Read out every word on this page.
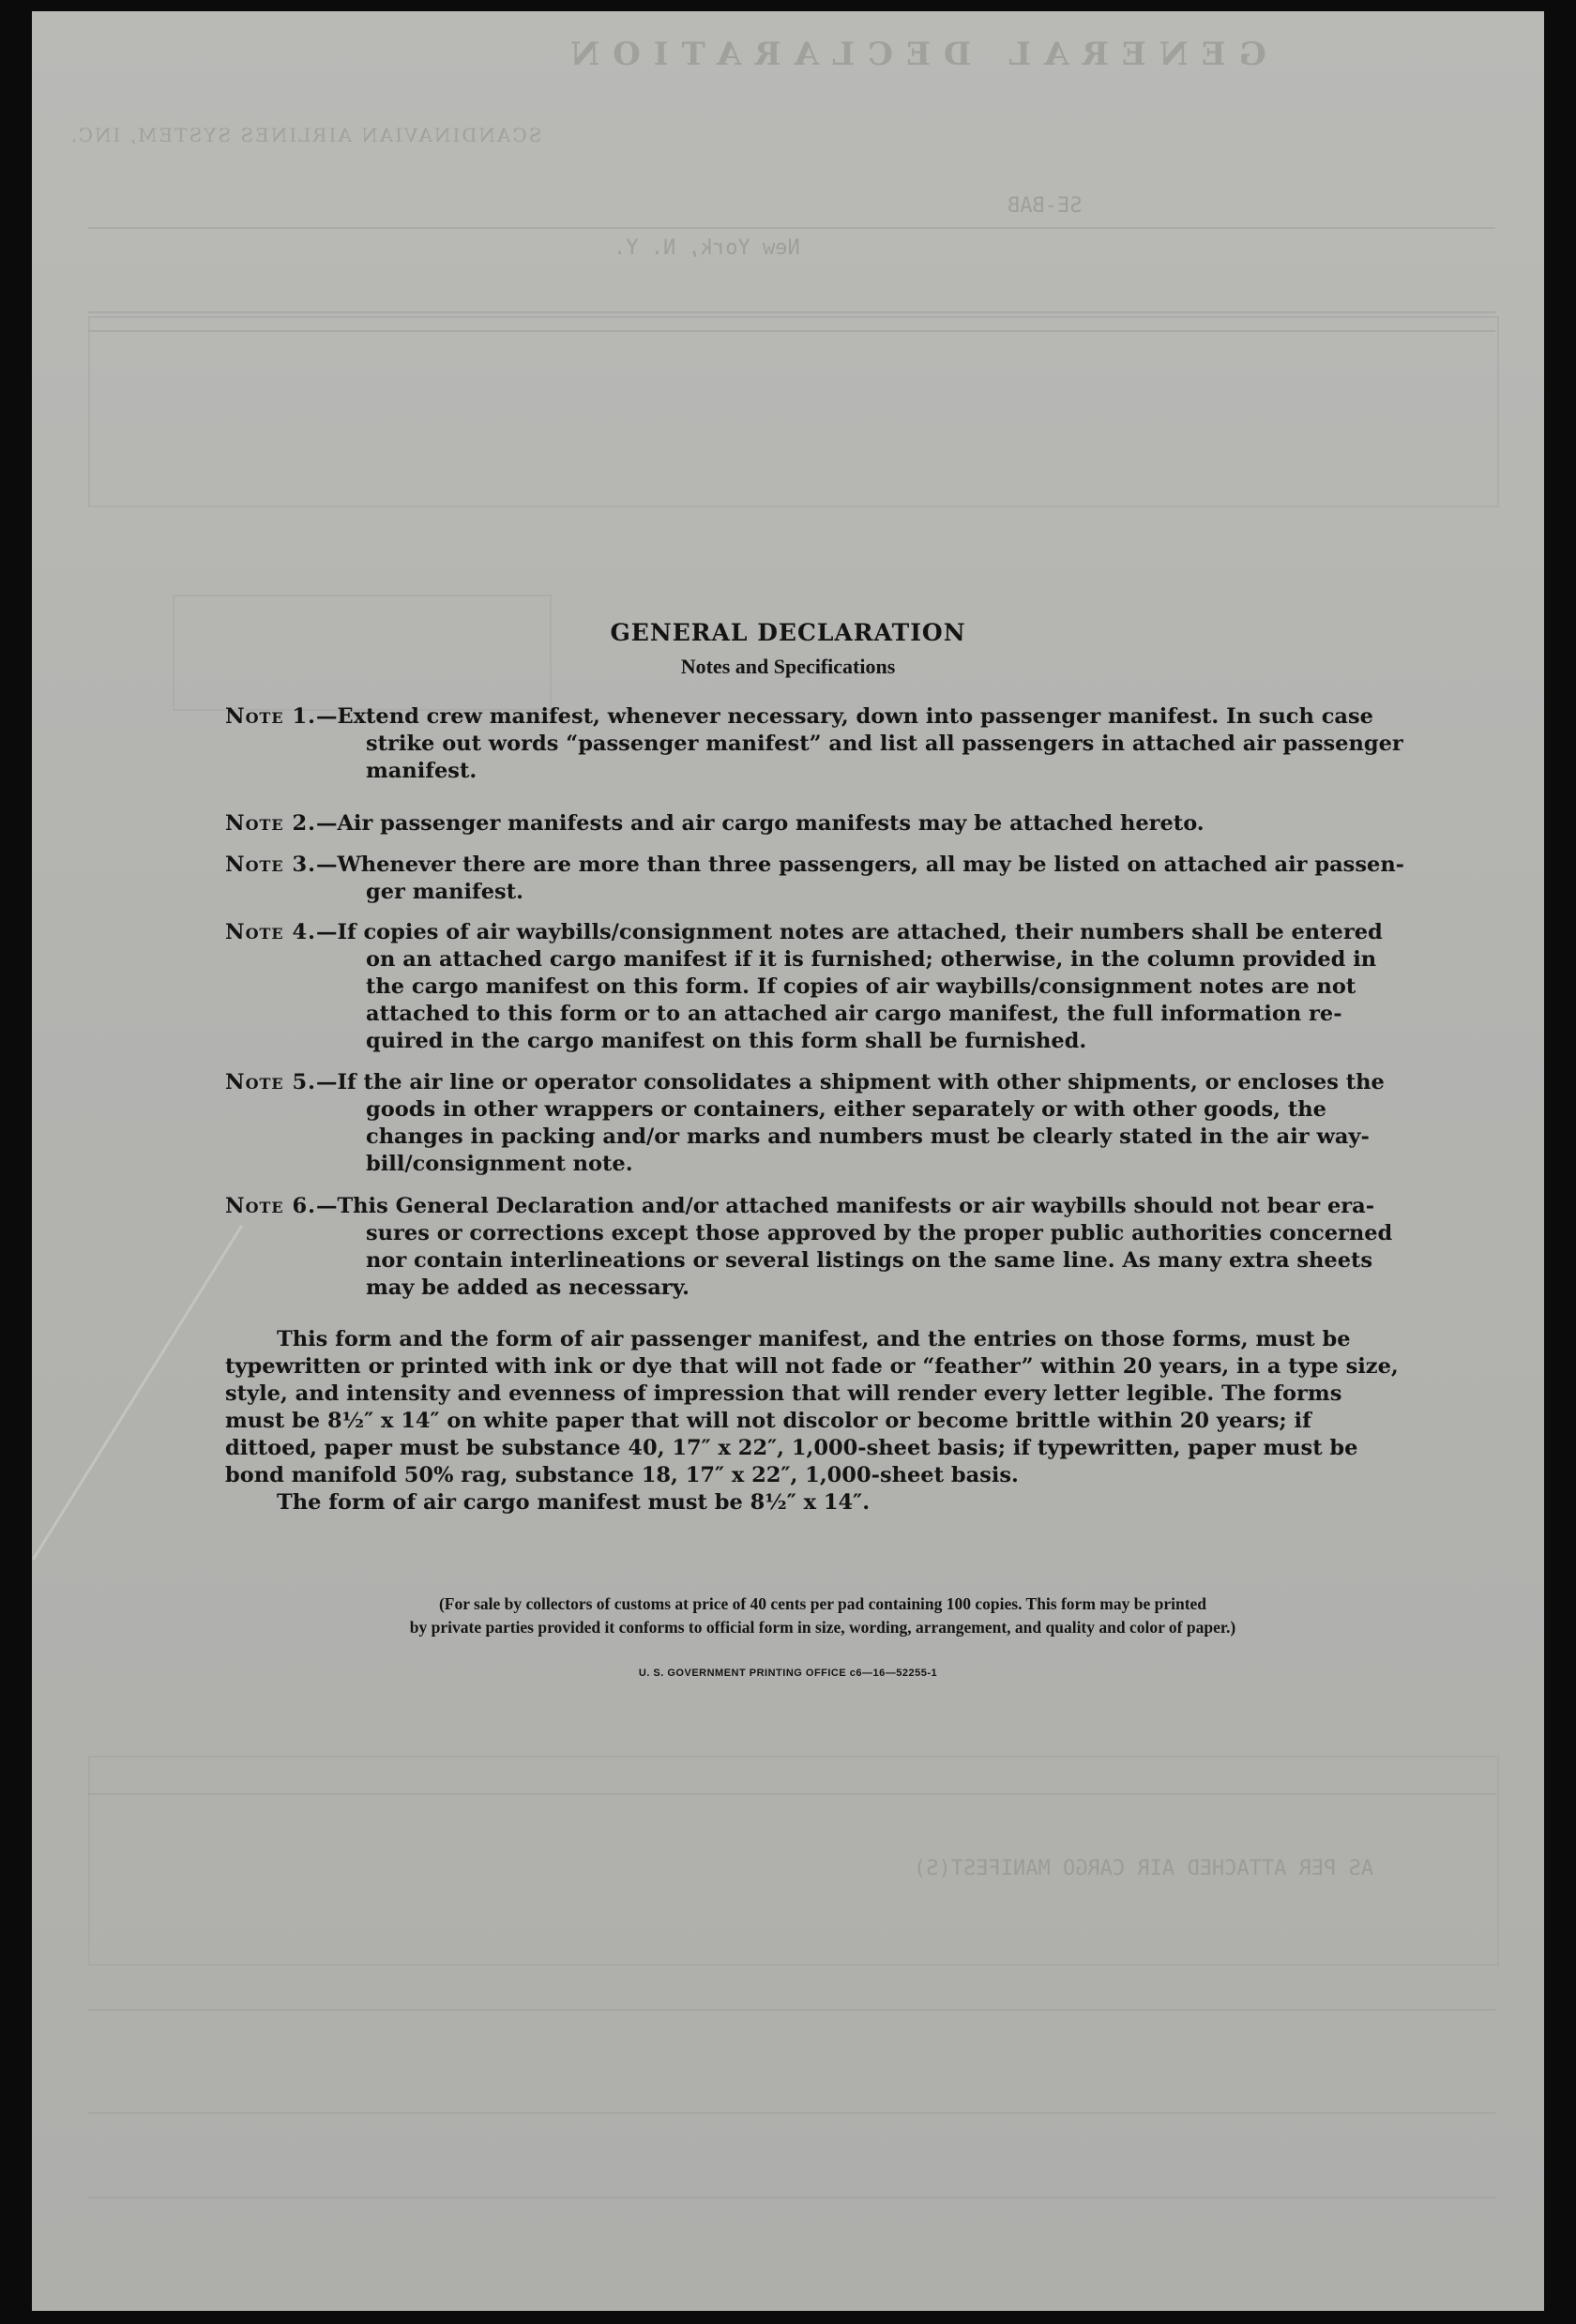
GENERAL DECLARATION
SCANDINAVIAN AIRLINES SYSTEM, INC.
SE-BAB
New York, N. Y.
AS PER ATTACHED AIR CARGO MANIFEST(S)
GENERAL DECLARATION
Notes and Specifications
Note 1.—Extend crew manifest, whenever necessary, down into passenger manifest. In such case
strike out words “passenger manifest” and list all passengers in attached air passenger
manifest.
Note 2.—Air passenger manifests and air cargo manifests may be attached hereto.
Note 3.—Whenever there are more than three passengers, all may be listed on attached air passen-
ger manifest.
Note 4.—If copies of air waybills/consignment notes are attached, their numbers shall be entered
on an attached cargo manifest if it is furnished; otherwise, in the column provided in
the cargo manifest on this form. If copies of air waybills/consignment notes are not
attached to this form or to an attached air cargo manifest, the full information re-
quired in the cargo manifest on this form shall be furnished.
Note 5.—If the air line or operator consolidates a shipment with other shipments, or encloses the
goods in other wrappers or containers, either separately or with other goods, the
changes in packing and/or marks and numbers must be clearly stated in the air way-
bill/consignment note.
Note 6.—This General Declaration and/or attached manifests or air waybills should not bear era-
sures or corrections except those approved by the proper public authorities concerned
nor contain interlineations or several listings on the same line. As many extra sheets
may be added as necessary.
This form and the form of air passenger manifest, and the entries on those forms, must be
typewritten or printed with ink or dye that will not fade or “feather” within 20 years, in a type size,
style, and intensity and evenness of impression that will render every letter legible. The forms
must be 8½″ x 14″ on white paper that will not discolor or become brittle within 20 years; if
dittoed, paper must be substance 40, 17″ x 22″, 1,000-sheet basis; if typewritten, paper must be
bond manifold 50% rag, substance 18, 17″ x 22″, 1,000-sheet basis.
The form of air cargo manifest must be 8½″ x 14″.
(For sale by collectors of customs at price of 40 cents per pad containing 100 copies. This form may be printed
by private parties provided it conforms to official form in size, wording, arrangement, and quality and color of paper.)
U. S. GOVERNMENT PRINTING OFFICE c6—16—52255-1
